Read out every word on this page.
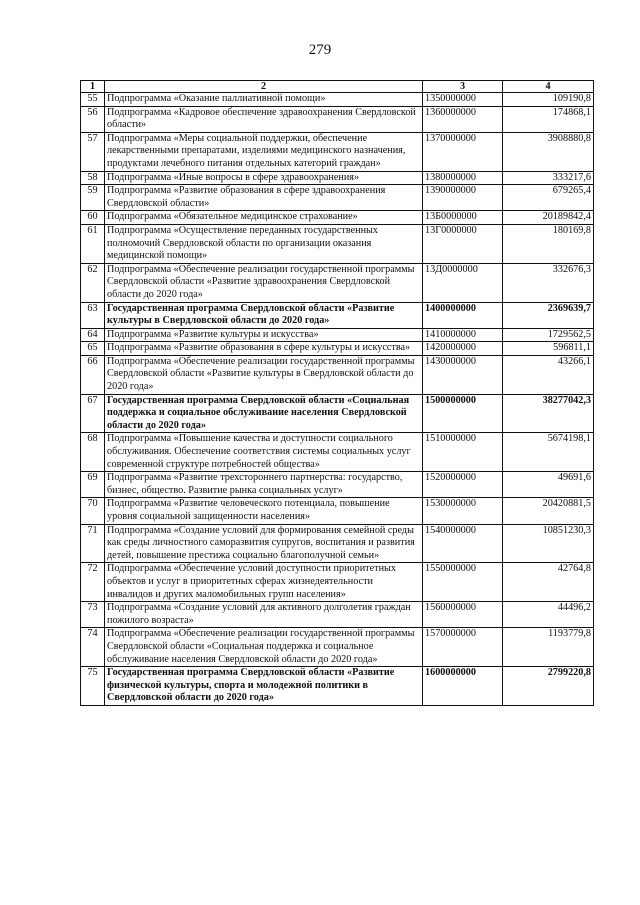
279
1	2	3	4
55	Подпрограмма «Оказание паллиативной помощи»	1350000000	109190,8
56	Подпрограмма «Кадровое обеспечение здравоохранения Свердловской области»	1360000000	174868,1
57	Подпрограмма «Меры социальной поддержки, обеспечение лекарственными препаратами, изделиями медицинского назначения, продуктами лечебного питания отдельных категорий граждан»	1370000000	3908880,8
58	Подпрограмма «Иные вопросы в сфере здравоохранения»	1380000000	333217,6
59	Подпрограмма «Развитие образования в сфере здравоохранения Свердловской области»	1390000000	679265,4
60	Подпрограмма «Обязательное медицинское страхование»	13Б0000000	20189842,4
61	Подпрограмма «Осуществление переданных государственных полномочий Свердловской области по организации оказания медицинской помощи»	13Г0000000	180169,8
62	Подпрограмма «Обеспечение реализации государственной программы Свердловской области «Развитие здравоохранения Свердловской области до 2020 года»	13Д0000000	332676,3
63	Государственная программа Свердловской области «Развитие культуры в Свердловской области до 2020 года»	1400000000	2369639,7
64	Подпрограмма «Развитие культуры и искусства»	1410000000	1729562,5
65	Подпрограмма «Развитие образования в сфере культуры и искусства»	1420000000	596811,1
66	Подпрограмма «Обеспечение реализации государственной программы Свердловской области «Развитие культуры в Свердловской области до 2020 года»	1430000000	43266,1
67	Государственная программа Свердловской области «Социальная поддержка и социальное обслуживание населения Свердловской области до 2020 года»	1500000000	38277042,3
68	Подпрограмма «Повышение качества и доступности социального обслуживания. Обеспечение соответствия системы социальных услуг современной структуре потребностей общества»	1510000000	5674198,1
69	Подпрограмма «Развитие трехстороннего партнерства: государство, бизнес, общество. Развитие рынка социальных услуг»	1520000000	49691,6
70	Подпрограмма «Развитие человеческого потенциала, повышение уровня социальной защищенности населения»	1530000000	20420881,5
71	Подпрограмма «Создание условий для формирования семейной среды как среды личностного саморазвития супругов, воспитания и развития детей, повышение престижа социально благополучной семьи»	1540000000	10851230,3
72	Подпрограмма «Обеспечение условий доступности приоритетных объектов и услуг в приоритетных сферах жизнедеятельности инвалидов и других маломобильных групп населения»	1550000000	42764,8
73	Подпрограмма «Создание условий для активного долголетия граждан пожилого возраста»	1560000000	44496,2
74	Подпрограмма «Обеспечение реализации государственной программы Свердловской области «Социальная поддержка и социальное обслуживание населения Свердловской области до 2020 года»	1570000000	1193779,8
75	Государственная программа Свердловской области «Развитие физической культуры, спорта и молодежной политики в Свердловской области до 2020 года»	1600000000	2799220,8
